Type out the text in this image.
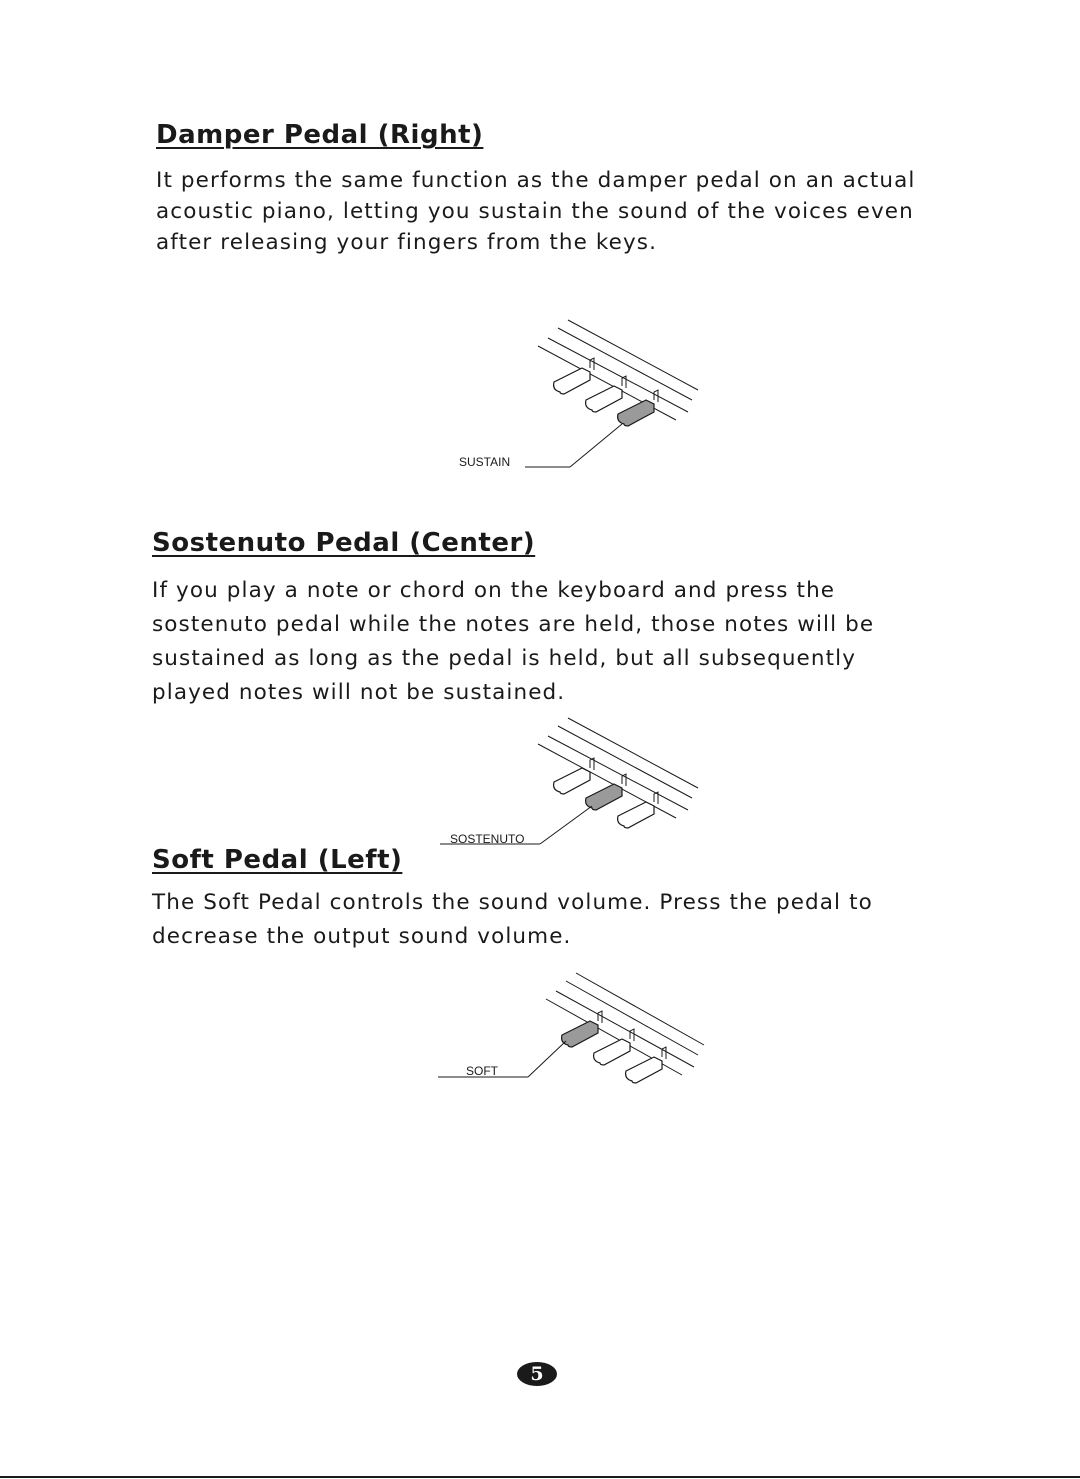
Damper Pedal (Right)

It performs the same function as the damper pedal on an actual
acoustic piano, letting you sustain the sound of the voices even
after releasing your fingers from the keys.

SUSTAIN
Sostenuto Pedal (Center)

If you play a note or chord on the keyboard and press the
sostenuto pedal while the notes are held, those notes will be
sustained as long as the pedal is held, but all subsequently
played notes will not be sustained.

SOSTENUTO
Soft Pedal (Left)

The Soft Pedal controls the sound volume. Press the pedal to
decrease the output sound volume.

SOFT
5
